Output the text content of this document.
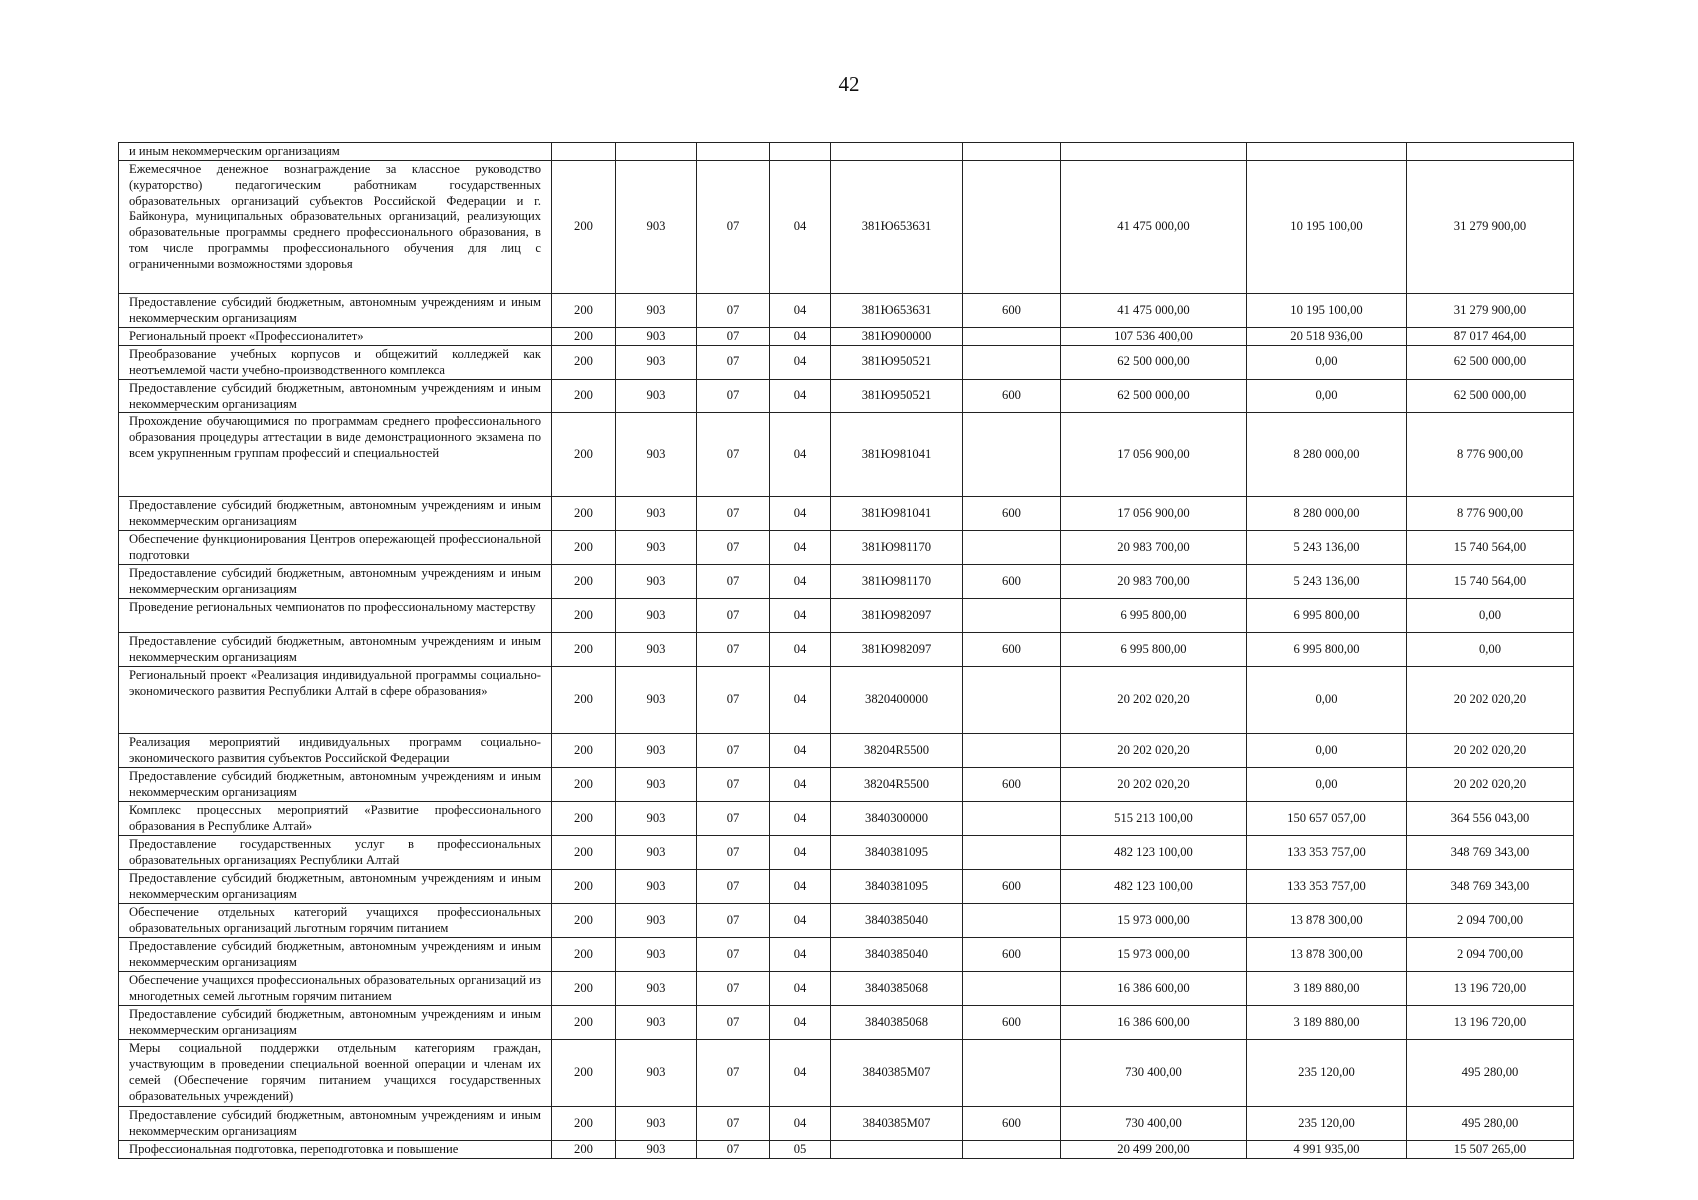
42
и иным некоммерческим организациям									
Ежемесячное денежное вознаграждение за классное руководство (кураторство) педагогическим работникам государственных образовательных организаций субъектов Российской Федерации и г. Байконура, муниципальных образовательных организаций, реализующих образовательные программы среднего профессионального образования, в том числе программы профессионального обучения для лиц с ограниченными возможностями здоровья	200	903	07	04	381Ю653631		41 475 000,00	10 195 100,00	31 279 900,00
Предоставление субсидий бюджетным, автономным учреждениям и иным некоммерческим организациям	200	903	07	04	381Ю653631	600	41 475 000,00	10 195 100,00	31 279 900,00
Региональный проект «Профессионалитет»	200	903	07	04	381Ю900000		107 536 400,00	20 518 936,00	87 017 464,00
Преобразование учебных корпусов и общежитий колледжей как неотъемлемой части учебно-производственного комплекса	200	903	07	04	381Ю950521		62 500 000,00	0,00	62 500 000,00
Предоставление субсидий бюджетным, автономным учреждениям и иным некоммерческим организациям	200	903	07	04	381Ю950521	600	62 500 000,00	0,00	62 500 000,00
Прохождение обучающимися по программам среднего профессионального образования процедуры аттестации в виде демонстрационного экзамена по всем укрупненным группам профессий и специальностей	200	903	07	04	381Ю981041		17 056 900,00	8 280 000,00	8 776 900,00
Предоставление субсидий бюджетным, автономным учреждениям и иным некоммерческим организациям	200	903	07	04	381Ю981041	600	17 056 900,00	8 280 000,00	8 776 900,00
Обеспечение функционирования Центров опережающей профессиональной подготовки	200	903	07	04	381Ю981170		20 983 700,00	5 243 136,00	15 740 564,00
Предоставление субсидий бюджетным, автономным учреждениям и иным некоммерческим организациям	200	903	07	04	381Ю981170	600	20 983 700,00	5 243 136,00	15 740 564,00
Проведение региональных чемпионатов по профессиональному мастерству	200	903	07	04	381Ю982097		6 995 800,00	6 995 800,00	0,00
Предоставление субсидий бюджетным, автономным учреждениям и иным некоммерческим организациям	200	903	07	04	381Ю982097	600	6 995 800,00	6 995 800,00	0,00
Региональный проект «Реализация индивидуальной программы социально-экономического развития Республики Алтай в сфере образования»	200	903	07	04	3820400000		20 202 020,20	0,00	20 202 020,20
Реализация мероприятий индивидуальных программ социально-экономического развития субъектов Российской Федерации	200	903	07	04	38204R5500		20 202 020,20	0,00	20 202 020,20
Предоставление субсидий бюджетным, автономным учреждениям и иным некоммерческим организациям	200	903	07	04	38204R5500	600	20 202 020,20	0,00	20 202 020,20
Комплекс процессных мероприятий «Развитие профессионального образования в Республике Алтай»	200	903	07	04	3840300000		515 213 100,00	150 657 057,00	364 556 043,00
Предоставление государственных услуг в профессиональных образовательных организациях Республики Алтай	200	903	07	04	3840381095		482 123 100,00	133 353 757,00	348 769 343,00
Предоставление субсидий бюджетным, автономным учреждениям и иным некоммерческим организациям	200	903	07	04	3840381095	600	482 123 100,00	133 353 757,00	348 769 343,00
Обеспечение отдельных категорий учащихся профессиональных образовательных организаций льготным горячим питанием	200	903	07	04	3840385040		15 973 000,00	13 878 300,00	2 094 700,00
Предоставление субсидий бюджетным, автономным учреждениям и иным некоммерческим организациям	200	903	07	04	3840385040	600	15 973 000,00	13 878 300,00	2 094 700,00
Обеспечение учащихся профессиональных образовательных организаций из многодетных семей льготным горячим питанием	200	903	07	04	3840385068		16 386 600,00	3 189 880,00	13 196 720,00
Предоставление субсидий бюджетным, автономным учреждениям и иным некоммерческим организациям	200	903	07	04	3840385068	600	16 386 600,00	3 189 880,00	13 196 720,00
Меры социальной поддержки отдельным категориям граждан, участвующим в проведении специальной военной операции и членам их семей (Обеспечение горячим питанием учащихся государственных образовательных учреждений)	200	903	07	04	3840385М07		730 400,00	235 120,00	495 280,00
Предоставление субсидий бюджетным, автономным учреждениям и иным некоммерческим организациям	200	903	07	04	3840385М07	600	730 400,00	235 120,00	495 280,00
Профессиональная подготовка, переподготовка и повышение	200	903	07	05			20 499 200,00	4 991 935,00	15 507 265,00
